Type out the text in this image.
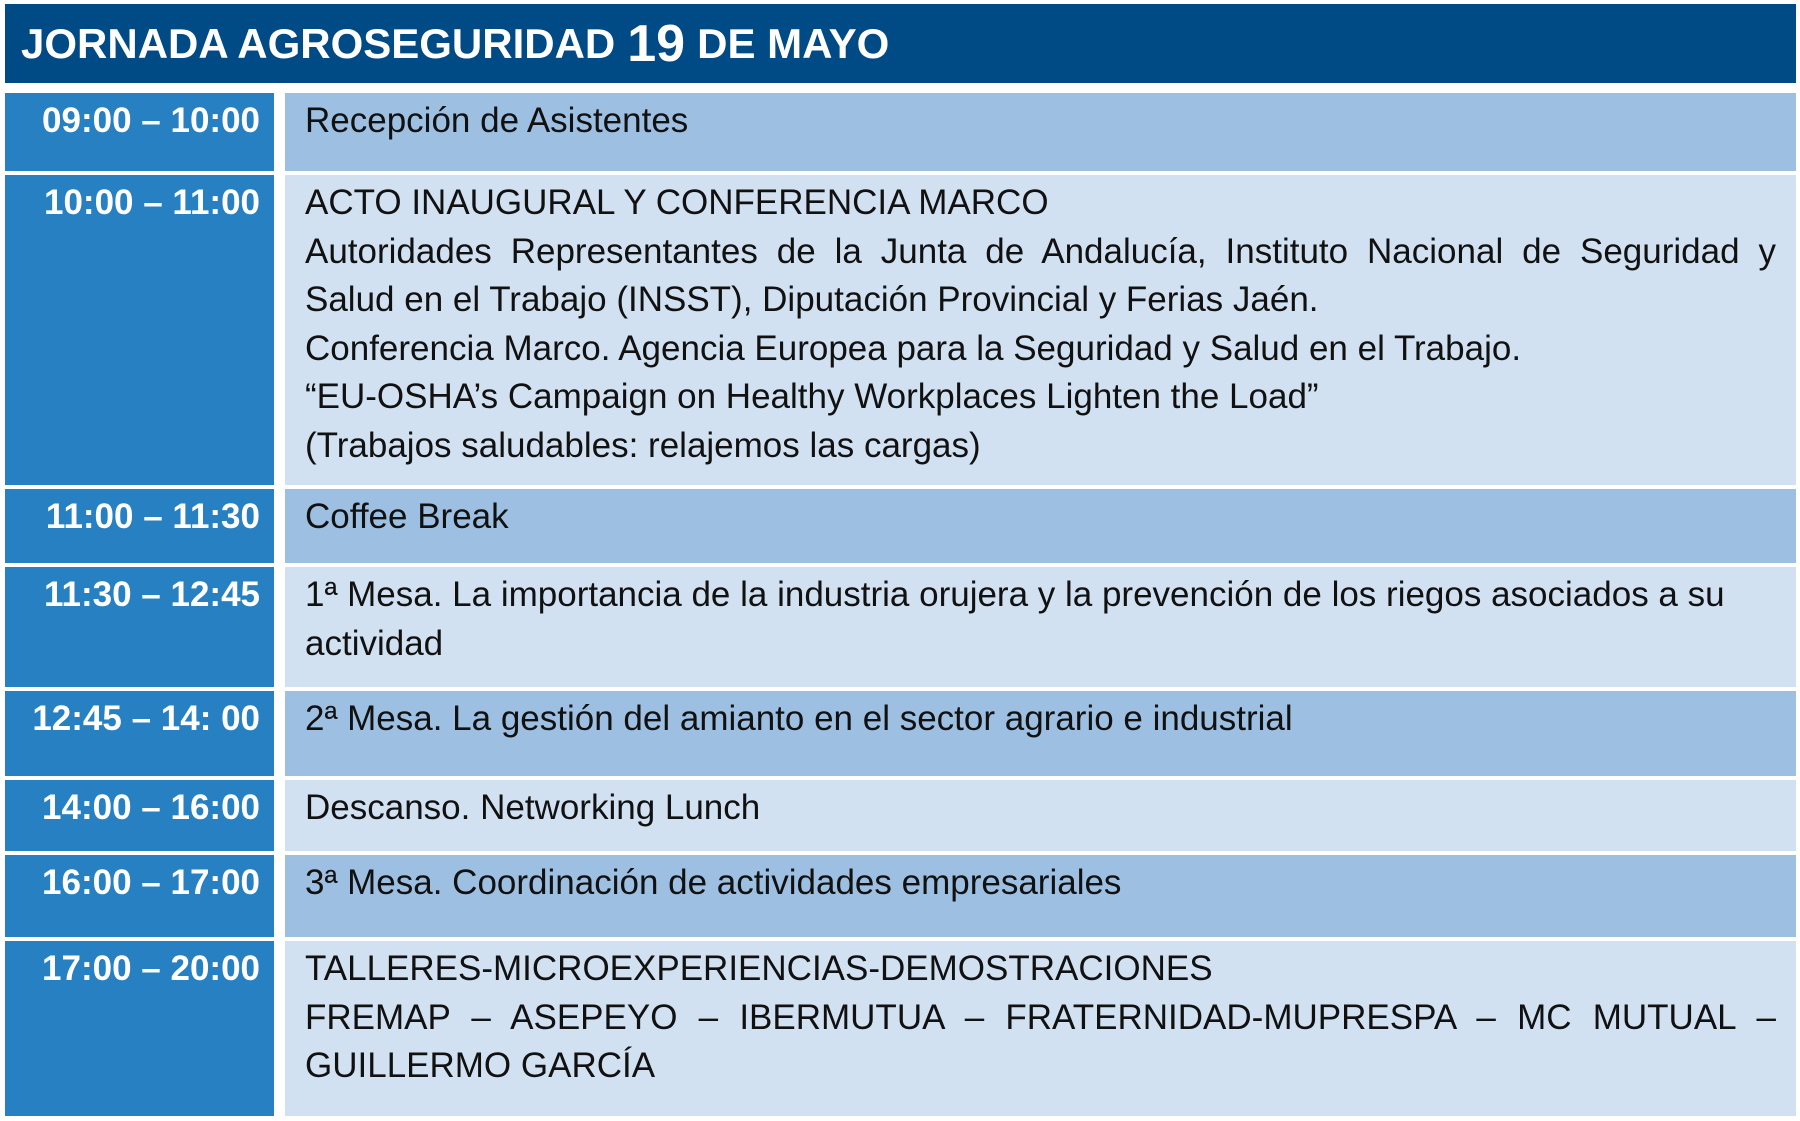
JORNADA AGROSEGURIDAD 19 DE MAYO
09:00 – 10:00	Recepción de Asistentes
10:00 – 11:00	ACTO INAUGURAL Y CONFERENCIA MARCO
Autoridades Representantes de la Junta de Andalucía, Instituto Nacional de Seguridad y
Salud en el Trabajo (INSST), Diputación Provincial y Ferias Jaén.
Conferencia Marco. Agencia Europea para la Seguridad y Salud en el Trabajo.
“EU-OSHA’s Campaign on Healthy Workplaces Lighten the Load”
(Trabajos saludables: relajemos las cargas)
11:00 – 11:30	Coffee Break
11:30 – 12:45	1ª Mesa. La importancia de la industria orujera y la prevención de los riegos asociados a su
actividad
12:45 – 14: 00	2ª Mesa. La gestión del amianto en el sector agrario e industrial
14:00 – 16:00	Descanso. Networking Lunch
16:00 – 17:00	3ª Mesa. Coordinación de actividades empresariales
17:00 – 20:00	TALLERES-MICROEXPERIENCIAS-DEMOSTRACIONES
FREMAP – ASEPEYO – IBERMUTUA – FRATERNIDAD-MUPRESPA – MC MUTUAL –
GUILLERMO GARCÍA
